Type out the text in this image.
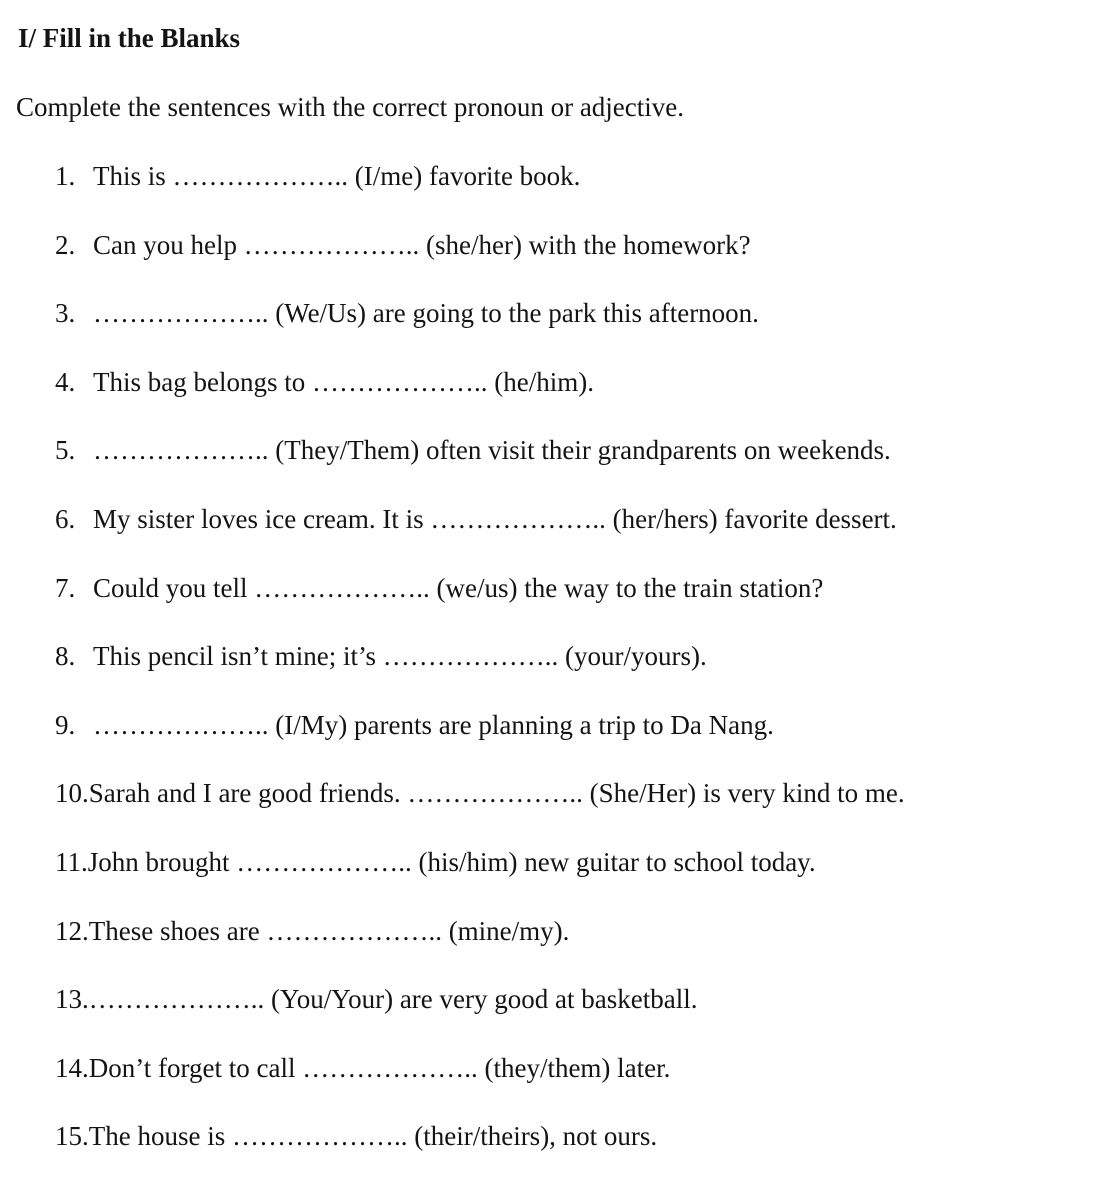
I/ Fill in the Blanks
Complete the sentences with the correct pronoun or adjective.
1. This is ……………….. (I/me) favorite book.
2. Can you help ……………….. (she/her) with the homework?
3. ……………….. (We/Us) are going to the park this afternoon.
4. This bag belongs to ……………….. (he/him).
5. ……………….. (They/Them) often visit their grandparents on weekends.
6. My sister loves ice cream. It is ……………….. (her/hers) favorite dessert.
7. Could you tell ……………….. (we/us) the way to the train station?
8. This pencil isn’t mine; it’s ……………….. (your/yours).
9. ……………….. (I/My) parents are planning a trip to Da Nang.
10.Sarah and I are good friends. ……………….. (She/Her) is very kind to me.
11.John brought ……………….. (his/him) new guitar to school today.
12.These shoes are ……………….. (mine/my).
13.……………….. (You/Your) are very good at basketball.
14.Don’t forget to call ……………….. (they/them) later.
15.The house is ……………….. (their/theirs), not ours.
